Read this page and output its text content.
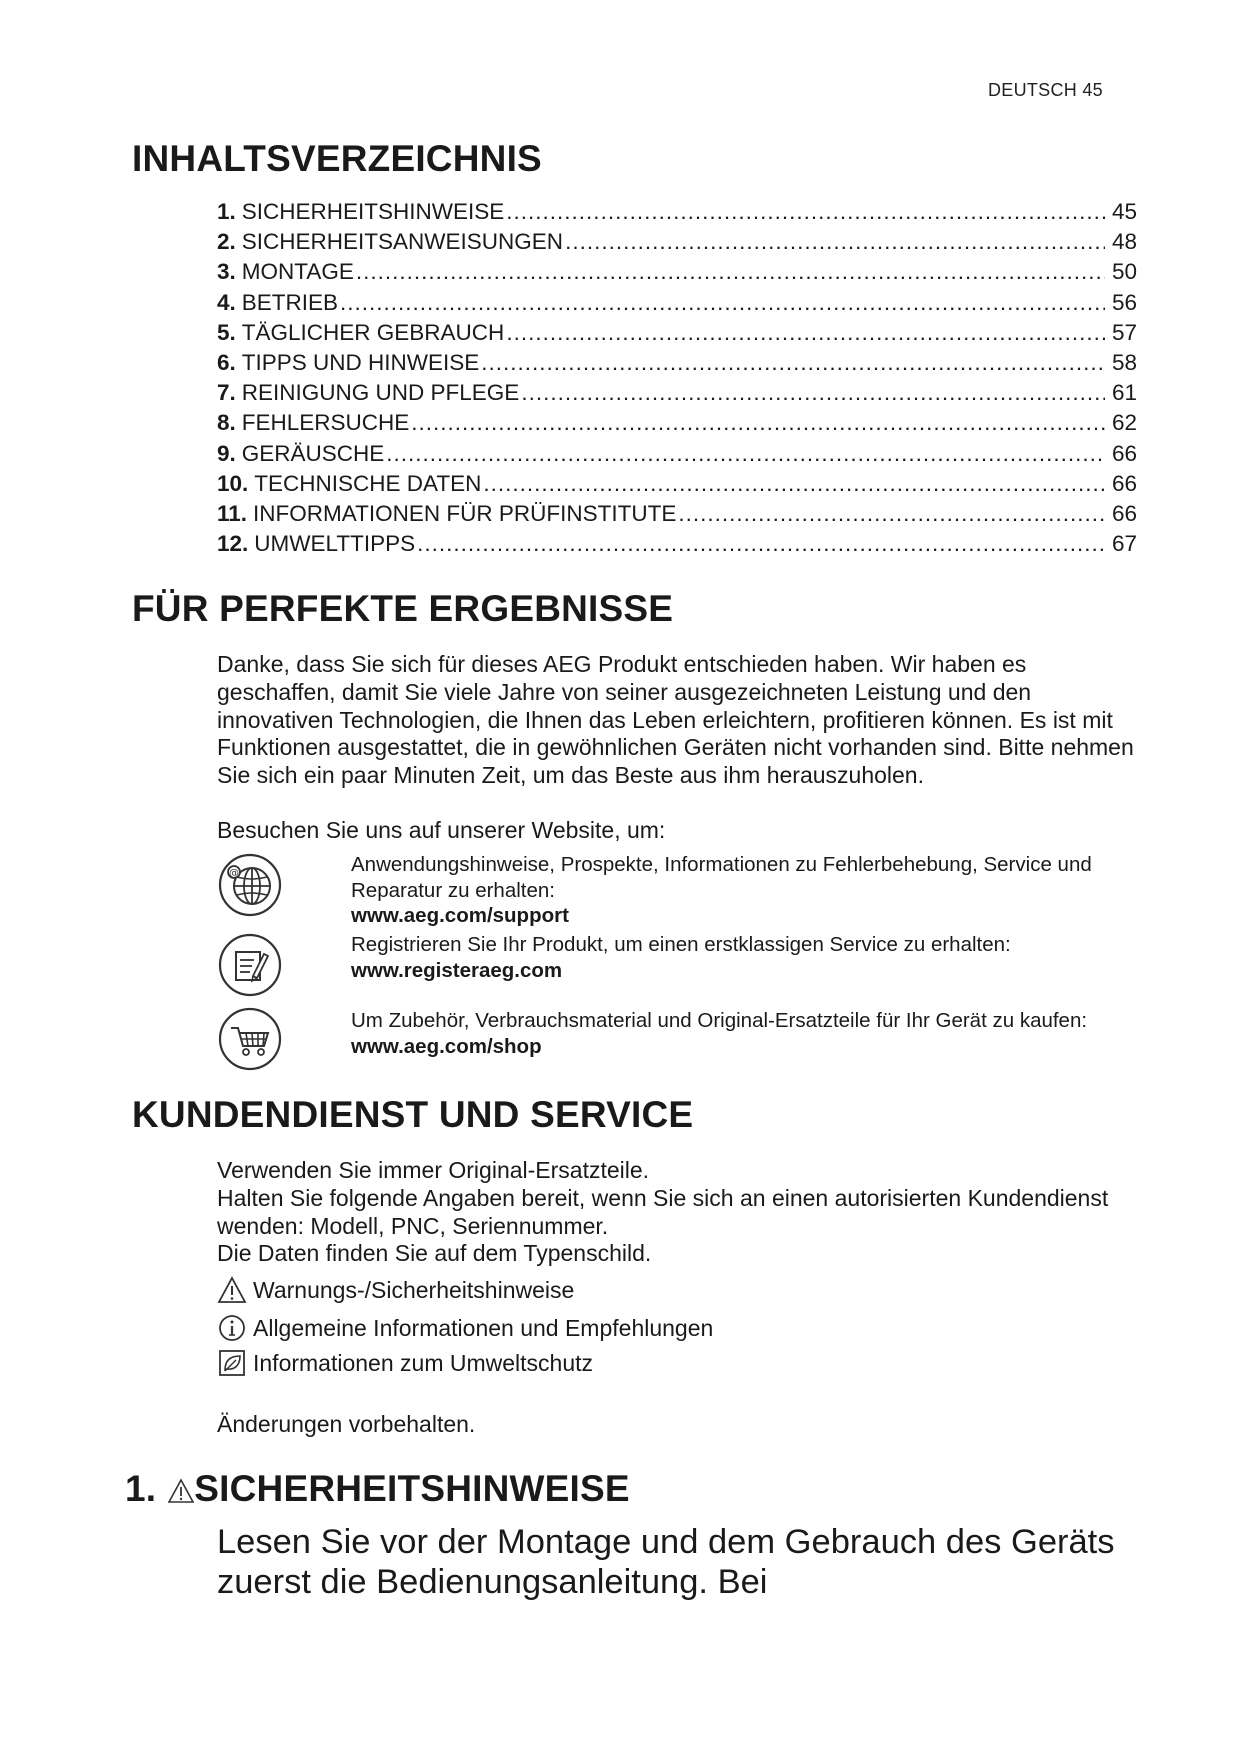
DEUTSCH 45
INHALTSVERZEICHNIS
1. SICHERHEITSHINWEISE .....	45
2. SICHERHEITSANWEISUNGEN .....	48
3. MONTAGE .....	50
4. BETRIEB .....	56
5. TÄGLICHER GEBRAUCH .....	57
6. TIPPS UND HINWEISE .....	58
7. REINIGUNG UND PFLEGE .....	61
8. FEHLERSUCHE .....	62
9. GERÄUSCHE .....	66
10. TECHNISCHE DATEN .....	66
11. INFORMATIONEN FÜR PRÜFINSTITUTE .....	66
12. UMWELTTIPPS .....	67
FÜR PERFEKTE ERGEBNISSE

Danke, dass Sie sich für dieses AEG Produkt entschieden haben. Wir haben es geschaffen, damit Sie viele Jahre von seiner ausgezeichneten Leistung und den innovativen Technologien, die Ihnen das Leben erleichtern, profitieren können. Es ist mit Funktionen ausgestattet, die in gewöhnlichen Geräten nicht vorhanden sind. Bitte nehmen Sie sich ein paar Minuten Zeit, um das Beste aus ihm herauszuholen.

Besuchen Sie uns auf unserer Website, um:

@	Anwendungshinweise, Prospekte, Informationen zu Fehlerbehebung, Service und Reparatur zu erhalten:
www.aeg.com/support
Registrieren Sie Ihr Produkt, um einen erstklassigen Service zu erhalten:
www.registeraeg.com
Um Zubehör, Verbrauchsmaterial und Original-Ersatzteile für Ihr Gerät zu kaufen:
www.aeg.com/shop
KUNDENDIENST UND SERVICE

Verwenden Sie immer Original-Ersatzteile.

Halten Sie folgende Angaben bereit, wenn Sie sich an einen autorisierten Kundendienst wenden: Modell, PNC, Seriennummer.

Die Daten finden Sie auf dem Typenschild.

Warnungs-/Sicherheitshinweise
Allgemeine Informationen und Empfehlungen
Informationen zum Umweltschutz

Änderungen vorbehalten.

1. SICHERHEITSHINWEISE

Lesen Sie vor der Montage und dem Gebrauch des Geräts zuerst die Bedienungsanleitung. Bei
